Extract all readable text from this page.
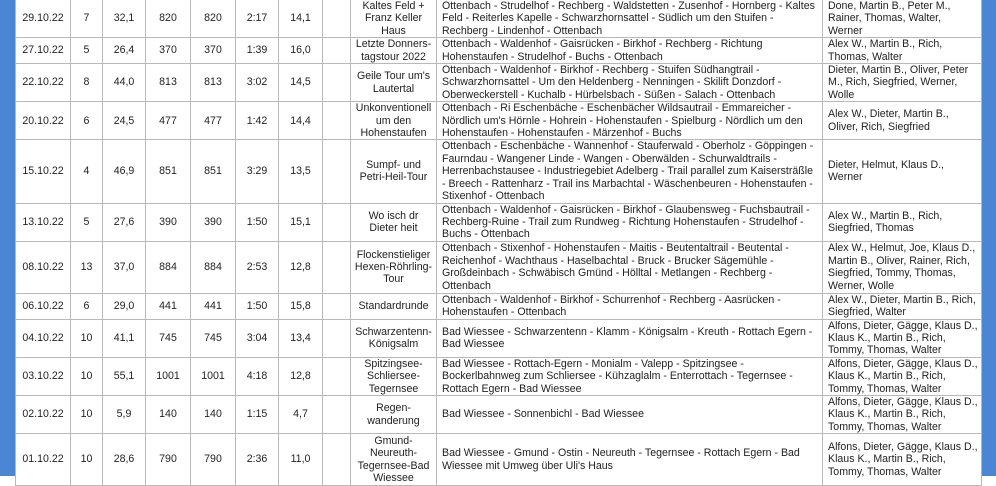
29.10.22	7	32,1	820	820	2:17	14,1		Kaltes Feld + Franz Keller Haus	Ottenbach - Strudelhof - Rechberg - Waldstetten - Zusenhof - Hornberg - Kaltes Feld - Reiterles Kapelle - Schwarzhornsattel - Südlich um den Stuifen - Rechberg - Lindenhof - Ottenbach	Done, Martin B., Peter M., Rainer, Thomas, Walter, Werner
27.10.22	5	26,4	370	370	1:39	16,0		Letzte Donners-tagstour 2022	Ottenbach - Waldenhof - Gaisrücken - Birkhof - Rechberg - Richtung Hohenstaufen - Strudelhof - Buchs - Ottenbach	Alex W., Martin B., Rich, Thomas, Walter
22.10.22	8	44,0	813	813	3:02	14,5		Geile Tour um's Lautertal	Ottenbach - Waldenhof - Birkhof - Rechberg - Stuifen Südhangtrail - Schwarzhornsattel - Um den Heldenberg - Nenningen - Skilift Donzdorf - Oberweckerstell - Kuchalb - Hürbelsbach - Süßen - Salach - Ottenbach	Dieter, Martin B., Oliver, Peter M., Rich, Siegfried, Werner, Wolle
20.10.22	6	24,5	477	477	1:42	14,4		Unkonventionell um den Hohenstaufen	Ottenbach - Ri Eschenbäche - Eschenbächer Wildsautrail - Emmareicher - Nördlich um's Hörnle - Hohrein - Hohenstaufen - Spielburg - Nördlich um den Hohenstaufen - Hohenstaufen - Märzenhof - Buchs	Alex W., Dieter, Martin B., Oliver, Rich, Siegfried
15.10.22	4	46,9	851	851	3:29	13,5		Sumpf- und Petri-Heil-Tour	Ottenbach - Eschenbäche - Wannenhof - Stauferwald - Oberholz - Göppingen - Faurndau - Wangener Linde - Wangen - Oberwälden - Schurwaldtrails - Herrenbachstausee - Industriegebiet Adelberg - Trail parallel zum Kaisersträßle - Breech - Rattenharz - Trail ins Marbachtal - Wäschenbeuren - Hohenstaufen - Stixenhof - Ottenbach	Dieter, Helmut, Klaus D., Werner
13.10.22	5	27,6	390	390	1:50	15,1		Wo isch dr Dieter heit	Ottenbach - Waldenhof - Gaisrücken - Birkhof - Glaubensweg - Fuchsbautrail - Rechberg-Ruine - Trail zum Rundweg - Richtung Hohenstaufen - Strudelhof - Buchs - Ottenbach	Alex W., Martin B., Rich, Siegfried, Thomas
08.10.22	13	37,0	884	884	2:53	12,8		Flockenstieliger Hexen-Röhrling-Tour	Ottenbach - Stixenhof - Hohenstaufen - Maitis - Beutentaltrail - Beutental - Reichenhof - Wachthaus - Haselbachtal - Bruck - Brucker Sägemühle - Großdeinbach - Schwäbisch Gmünd - Hölltal - Metlangen - Rechberg - Ottenbach	Alex W., Helmut, Joe, Klaus D., Martin B., Oliver, Rainer, Rich, Siegfried, Tommy, Thomas, Werner, Wolle
06.10.22	6	29,0	441	441	1:50	15,8		Standardrunde	Ottenbach - Waldenhof - Birkhof - Schurrenhof - Rechberg - Aasrücken - Hohenstaufen - Ottenbach	Alex W., Dieter, Martin B., Rich, Siegfried, Walter
04.10.22	10	41,1	745	745	3:04	13,4		Schwarzentenn-Königsalm	Bad Wiessee - Schwarzentenn - Klamm - Königsalm - Kreuth - Rottach Egern - Bad Wiessee	Alfons, Dieter, Gägge, Klaus D., Klaus K., Martin B., Rich, Tommy, Thomas, Walter
03.10.22	10	55,1	1001	1001	4:18	12,8		Spitzingsee-Schliersee-Tegernsee	Bad Wiessee - Rottach-Egern - Monialm - Valepp - Spitzingsee - Bockerlbahnweg zum Schliersee - Kühzaglalm - Enterrottach - Tegernsee - Rottach Egern - Bad Wiessee	Alfons, Dieter, Gägge, Klaus D., Klaus K., Martin B., Rich, Tommy, Thomas, Walter
02.10.22	10	5,9	140	140	1:15	4,7		Regen-wanderung	Bad Wiessee - Sonnenbichl - Bad Wiessee	Alfons, Dieter, Gägge, Klaus D., Klaus K., Martin B., Rich, Tommy, Thomas, Walter
01.10.22	10	28,6	790	790	2:36	11,0		Gmund-Neureuth-Tegernsee-Bad Wiessee	Bad Wiessee - Gmund - Ostin - Neureuth - Tegernsee - Rottach Egern - Bad Wiessee mit Umweg über Uli's Haus	Alfons, Dieter, Gägge, Klaus D., Klaus K., Martin B., Rich, Tommy, Thomas, Walter
